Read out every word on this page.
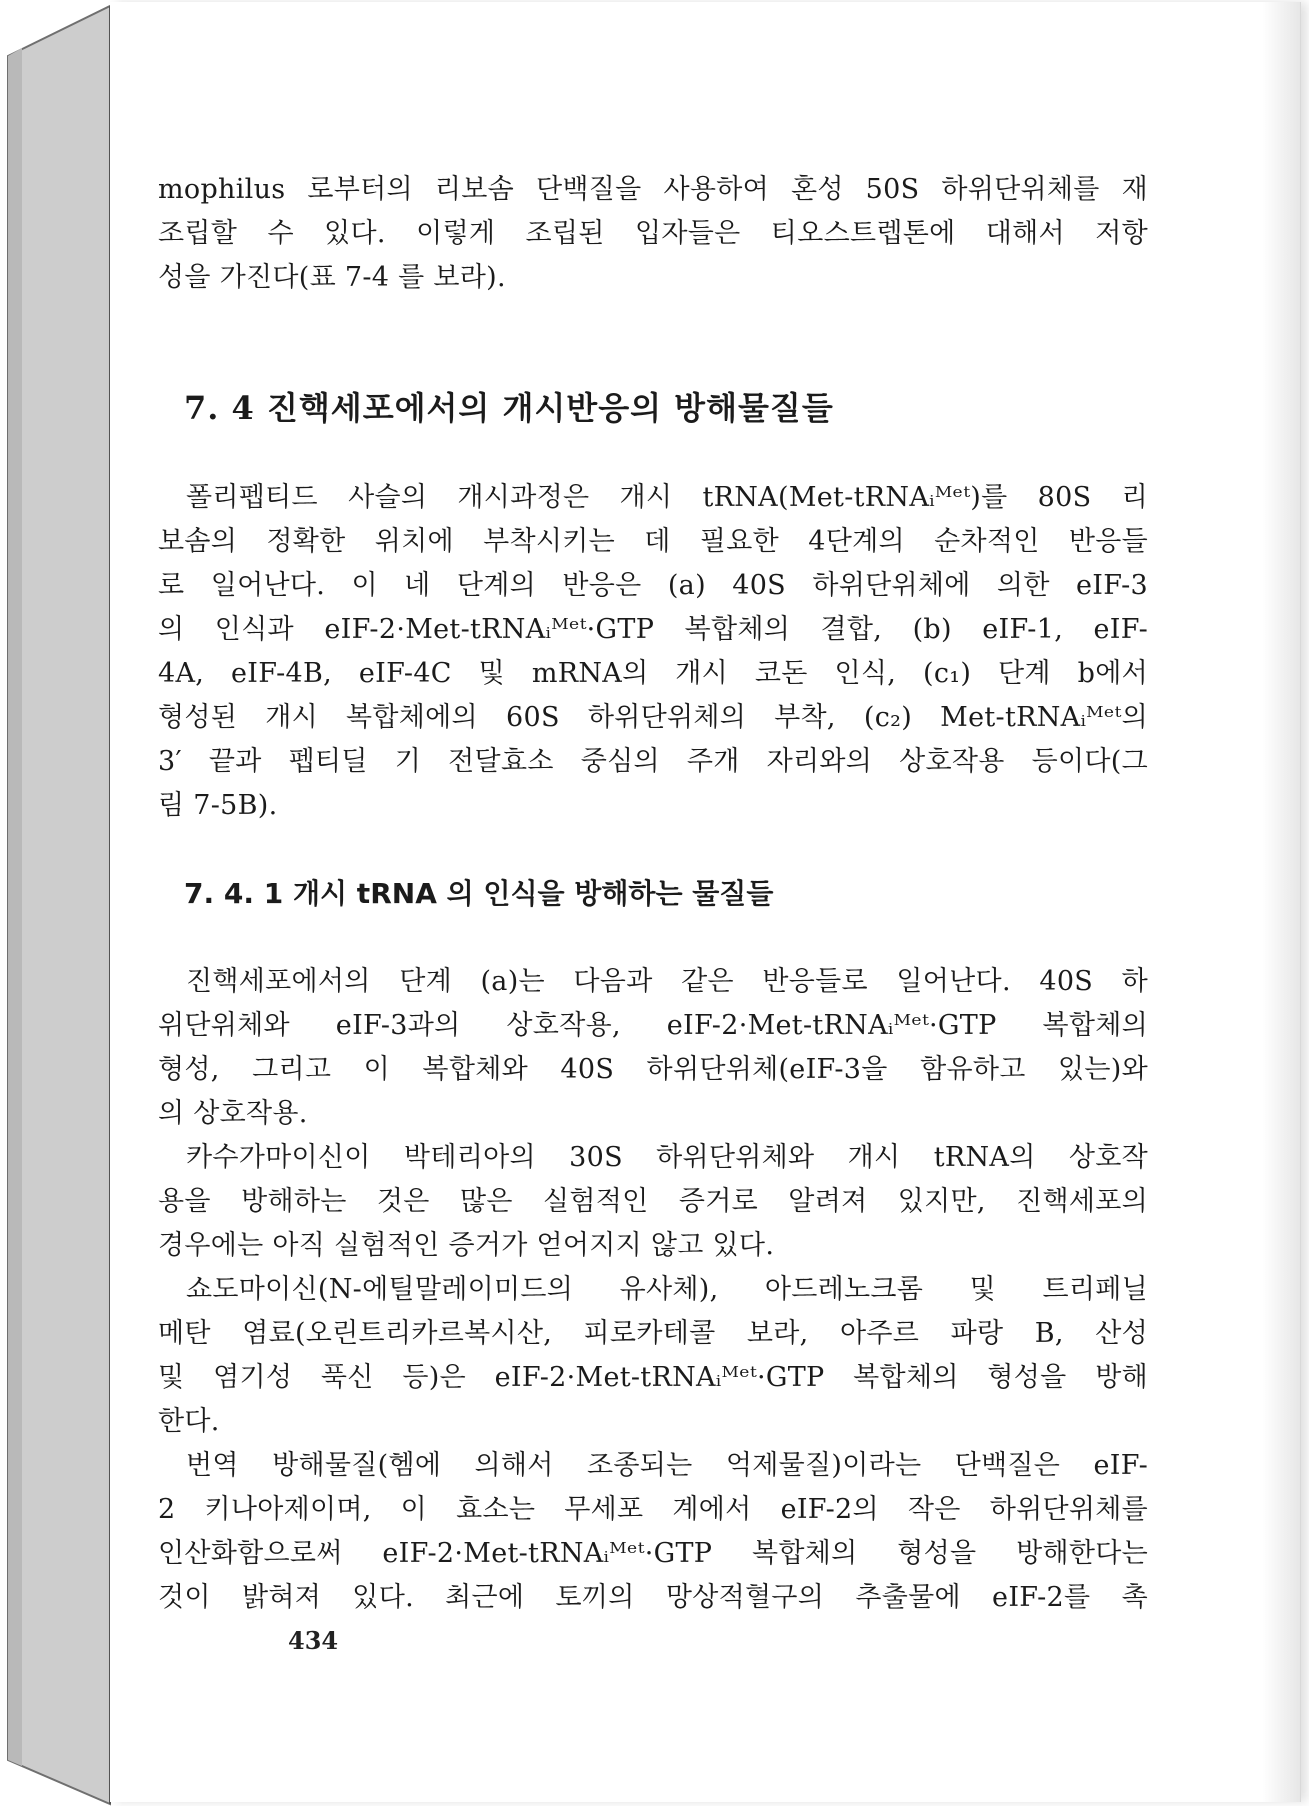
mophilus 로부터의 리보솜 단백질을 사용하여 혼성 50S 하위단위체를 재
조립할 수 있다. 이렇게 조립된 입자들은 티오스트렙톤에 대해서 저항
성을 가진다(표 7-4 를 보라).

7. 4 진핵세포에서의 개시반응의 방해물질들

폴리펩티드 사슬의 개시과정은 개시 tRNA(Met-tRNAᵢᴹᵉᵗ)를 80S 리
보솜의 정확한 위치에 부착시키는 데 필요한 4단계의 순차적인 반응들
로 일어난다. 이 네 단계의 반응은 (a) 40S 하위단위체에 의한 eIF-3
의 인식과 eIF-2·Met-tRNAᵢᴹᵉᵗ·GTP 복합체의 결합, (b) eIF-1, eIF-
4A, eIF-4B, eIF-4C 및 mRNA의 개시 코돈 인식, (c₁) 단계 b에서
형성된 개시 복합체에의 60S 하위단위체의 부착, (c₂) Met-tRNAᵢᴹᵉᵗ의
3′ 끝과 펩티딜 기 전달효소 중심의 주개 자리와의 상호작용 등이다(그
림 7-5B).

7. 4. 1 개시 tRNA 의 인식을 방해하는 물질들

진핵세포에서의 단계 (a)는 다음과 같은 반응들로 일어난다. 40S 하
위단위체와 eIF-3과의 상호작용, eIF-2·Met-tRNAᵢᴹᵉᵗ·GTP 복합체의
형성, 그리고 이 복합체와 40S 하위단위체(eIF-3을 함유하고 있는)와
의 상호작용.

카수가마이신이 박테리아의 30S 하위단위체와 개시 tRNA의 상호작
용을 방해하는 것은 많은 실험적인 증거로 알려져 있지만, 진핵세포의
경우에는 아직 실험적인 증거가 얻어지지 않고 있다.

쇼도마이신(N-에틸말레이미드의 유사체), 아드레노크롬 및 트리페닐
메탄 염료(오린트리카르복시산, 피로카테콜 보라, 아주르 파랑 B, 산성
및 염기성 푹신 등)은 eIF-2·Met-tRNAᵢᴹᵉᵗ·GTP 복합체의 형성을 방해
한다.

번역 방해물질(헴에 의해서 조종되는 억제물질)이라는 단백질은 eIF-
2 키나아제이며, 이 효소는 무세포 계에서 eIF-2의 작은 하위단위체를
인산화함으로써 eIF-2·Met-tRNAᵢᴹᵉᵗ·GTP 복합체의 형성을 방해한다는
것이 밝혀져 있다. 최근에 토끼의 망상적혈구의 추출물에 eIF-2를 촉

434
